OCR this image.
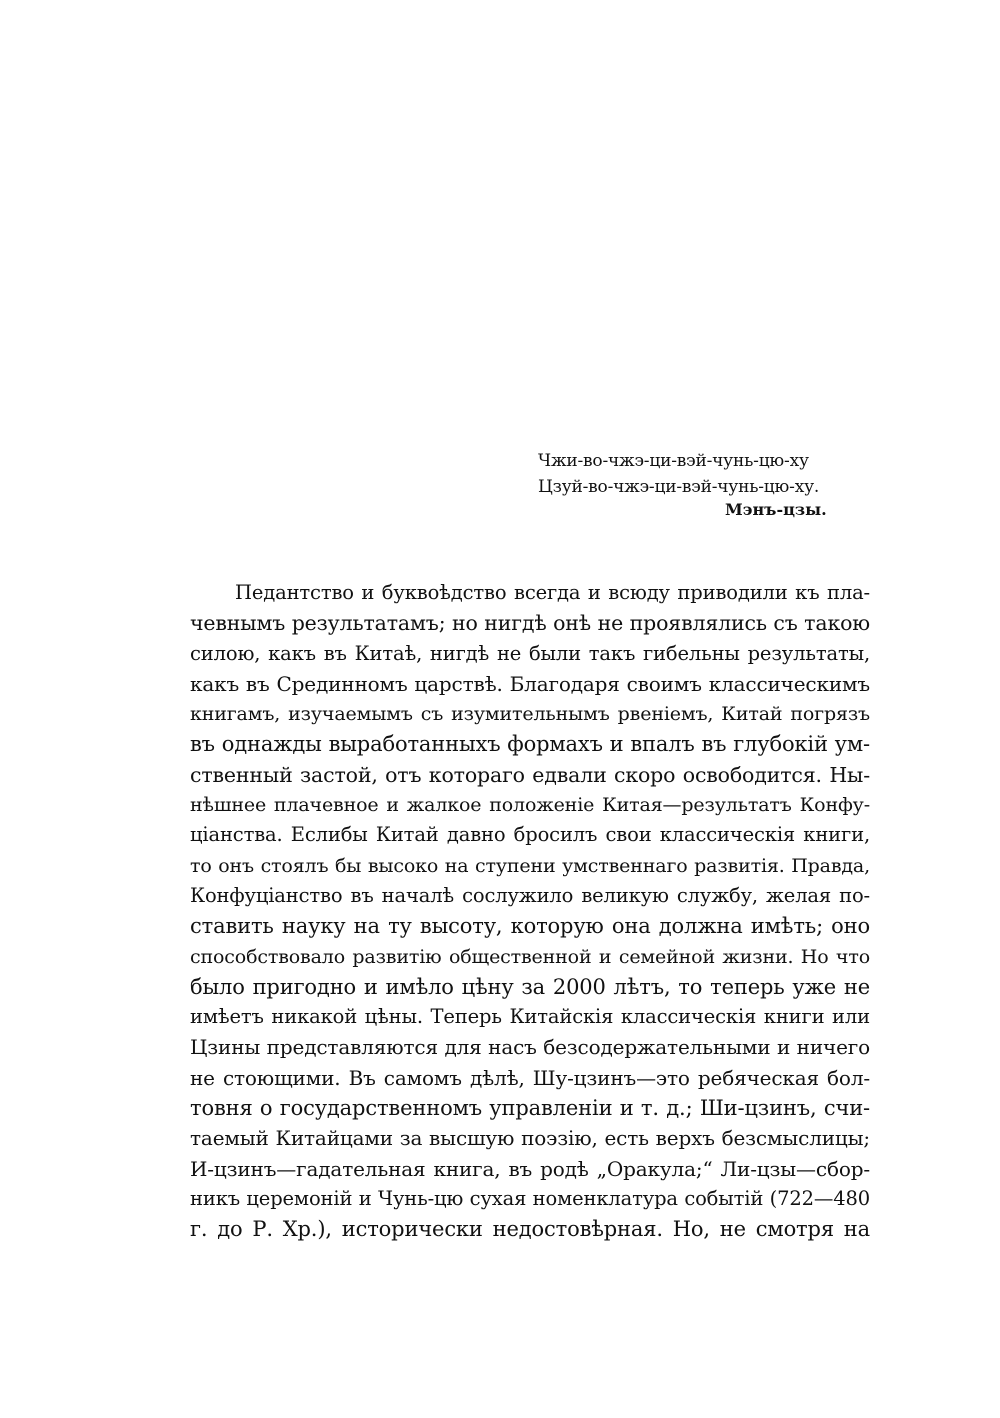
Чжи-во-чжэ-ци-вэй-чунь-цю-ху
Цзуй-во-чжэ-ци-вэй-чунь-цю-ху.
Мэнъ-цзы.
Педантство и буквоѣдство всегда и всюду приводили къ пла-
чевнымъ результатамъ; но нигдѣ онѣ не проявлялись съ такою
силою, какъ въ Китаѣ, нигдѣ не были такъ гибельны результаты,
какъ въ Срединномъ царствѣ. Благодаря своимъ классическимъ
книгамъ, изучаемымъ съ изумительнымъ рвеніемъ, Китай погрязъ
въ однажды выработанныхъ формахъ и впалъ въ глубокій ум-
ственный застой, отъ котораго едвали скоро освободится. Ны-
нѣшнее плачевное и жалкое положеніе Китая—результатъ Конфу-
ціанства. Еслибы Китай давно бросилъ свои классическія книги,
то онъ стоялъ бы высоко на ступени умственнаго развитія. Правда,
Конфуціанство въ началѣ сослужило великую службу, желая по-
ставить науку на ту высоту, которую она должна имѣть; оно
способствовало развитію общественной и семейной жизни. Но что
было пригодно и имѣло цѣну за 2000 лѣтъ, то теперь уже не
имѣетъ никакой цѣны. Теперь Китайскія классическія книги или
Цзины представляются для насъ безсодержательными и ничего
не стоющими. Въ самомъ дѣлѣ, Шу-цзинъ—это ребяческая бол-
товня о государственномъ управленіи и т. д.; Ши-цзинъ, счи-
таемый Китайцами за высшую поэзію, есть верхъ безсмыслицы;
И-цзинъ—гадательная книга, въ родѣ „Оракула;“ Ли-цзы—сбор-
никъ церемоній и Чунь-цю сухая номенклатура событій (722—480
г. до Р. Хр.), исторически недостовѣрная. Но, не смотря на
